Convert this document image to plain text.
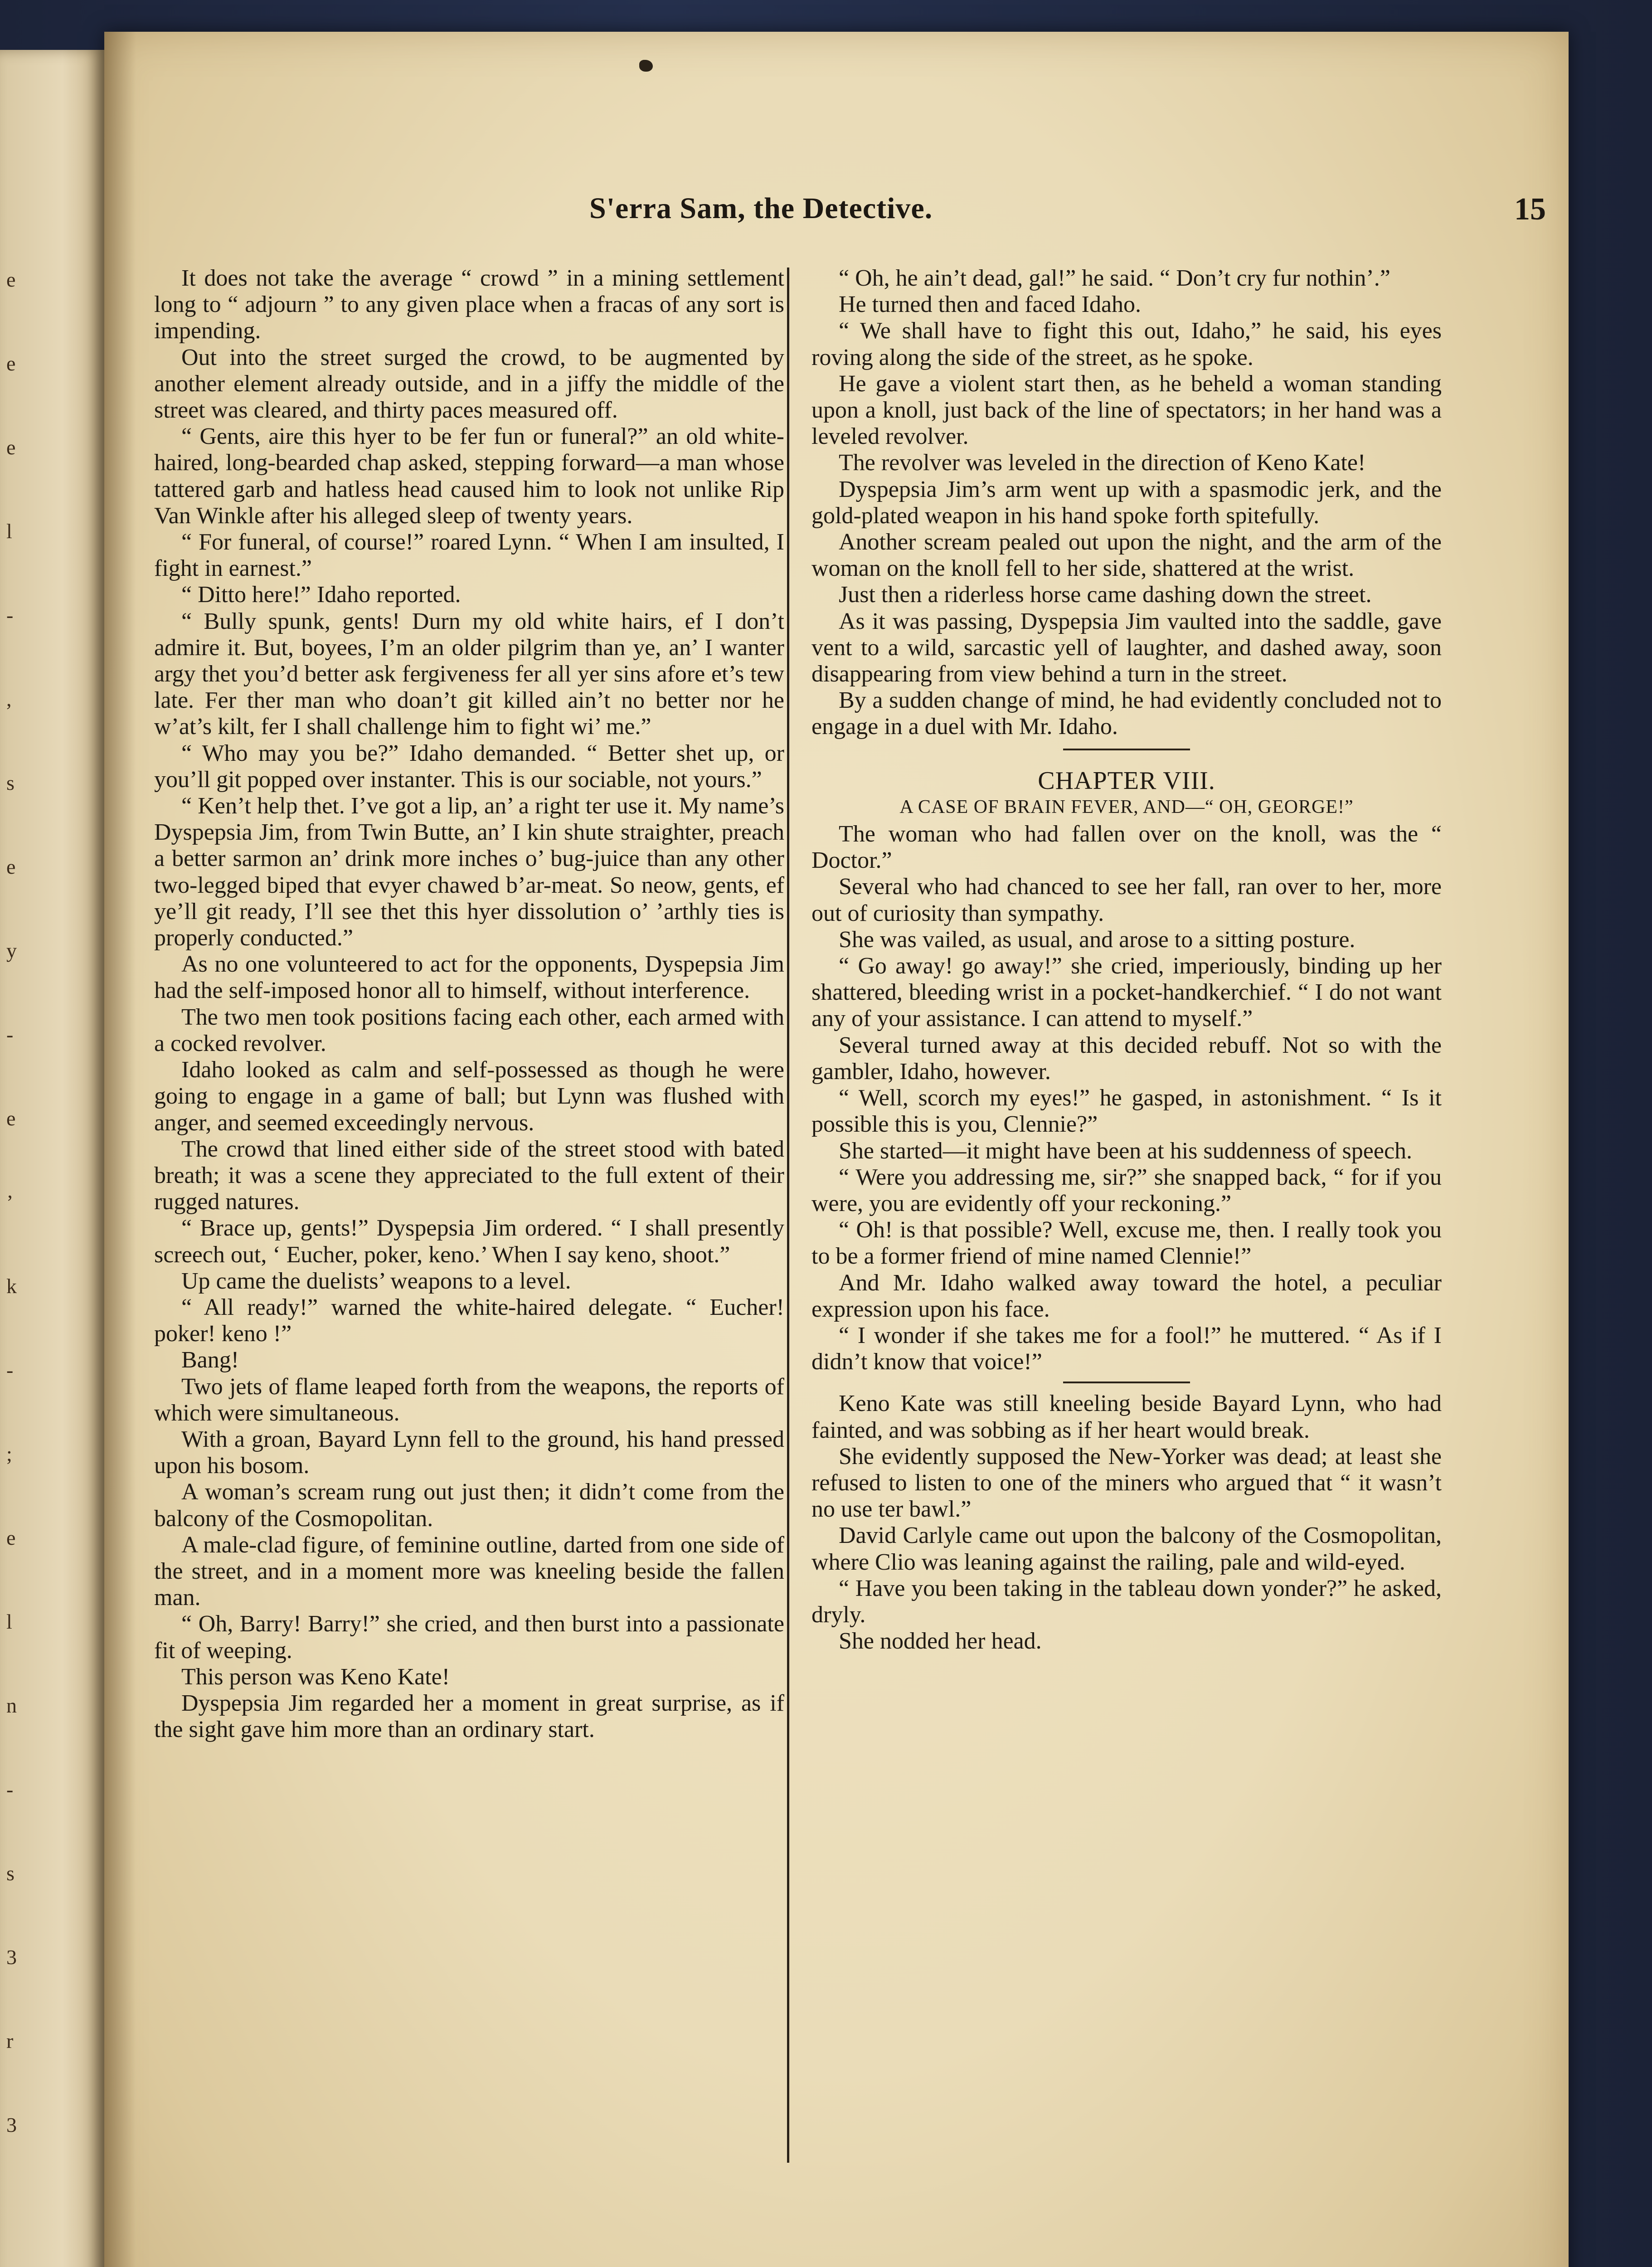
e
e
e
l
-
,
s
e
y
-
e
’
k
-
;
e
l
n
-
s
3
r
3
S'erra Sam, the Detective.	15

It does not take the average “ crowd ” in a mining settlement long to “ adjourn ” to any given place when a fracas of any sort is impending.

Out into the street surged the crowd, to be augmented by another element already outside, and in a jiffy the middle of the street was cleared, and thirty paces measured off.

“ Gents, aire this hyer to be fer fun or funeral?” an old white-haired, long-bearded chap asked, stepping forward—a man whose tattered garb and hatless head caused him to look not unlike Rip Van Winkle after his alleged sleep of twenty years.

“ For funeral, of course!” roared Lynn. “ When I am insulted, I fight in earnest.”

“ Ditto here!” Idaho reported.

“ Bully spunk, gents! Durn my old white hairs, ef I don’t admire it. But, boyees, I’m an older pilgrim than ye, an’ I wanter argy thet you’d better ask fergiveness fer all yer sins afore et’s tew late. Fer ther man who doan’t git killed ain’t no better nor he w’at’s kilt, fer I shall challenge him to fight wi’ me.”

“ Who may you be?” Idaho demanded. “ Better shet up, or you’ll git popped over instanter. This is our sociable, not yours.”

“ Ken’t help thet. I’ve got a lip, an’ a right ter use it. My name’s Dyspepsia Jim, from Twin Butte, an’ I kin shute straighter, preach a better sarmon an’ drink more inches o’ bug-juice than any other two-legged biped that evyer chawed b’ar-meat. So neow, gents, ef ye’ll git ready, I’ll see thet this hyer dissolution o’ ’arthly ties is properly conducted.”

As no one volunteered to act for the opponents, Dyspepsia Jim had the self-imposed honor all to himself, without interference.

The two men took positions facing each other, each armed with a cocked revolver.

Idaho looked as calm and self-possessed as though he were going to engage in a game of ball; but Lynn was flushed with anger, and seemed exceedingly nervous.

The crowd that lined either side of the street stood with bated breath; it was a scene they appreciated to the full extent of their rugged natures.

“ Brace up, gents!” Dyspepsia Jim ordered. “ I shall presently screech out, ‘ Eucher, poker, keno.’ When I say keno, shoot.”

Up came the duelists’ weapons to a level.

“ All ready!” warned the white-haired delegate. “ Eucher! poker! keno !”

Bang!

Two jets of flame leaped forth from the weapons, the reports of which were simultaneous.

With a groan, Bayard Lynn fell to the ground, his hand pressed upon his bosom.

A woman’s scream rung out just then; it didn’t come from the balcony of the Cosmopolitan.

A male-clad figure, of feminine outline, darted from one side of the street, and in a moment more was kneeling beside the fallen man.

“ Oh, Barry! Barry!” she cried, and then burst into a passionate fit of weeping.

This person was Keno Kate!

Dyspepsia Jim regarded her a moment in great surprise, as if the sight gave him more than an ordinary start.

“ Oh, he ain’t dead, gal!” he said. “ Don’t cry fur nothin’.”

He turned then and faced Idaho.

“ We shall have to fight this out, Idaho,” he said, his eyes roving along the side of the street, as he spoke.

He gave a violent start then, as he beheld a woman standing upon a knoll, just back of the line of spectators; in her hand was a leveled revolver.

The revolver was leveled in the direction of Keno Kate!

Dyspepsia Jim’s arm went up with a spasmodic jerk, and the gold-plated weapon in his hand spoke forth spitefully.

Another scream pealed out upon the night, and the arm of the woman on the knoll fell to her side, shattered at the wrist.

Just then a riderless horse came dashing down the street.

As it was passing, Dyspepsia Jim vaulted into the saddle, gave vent to a wild, sarcastic yell of laughter, and dashed away, soon disappearing from view behind a turn in the street.

By a sudden change of mind, he had evidently concluded not to engage in a duel with Mr. Idaho.

CHAPTER VIII.
A CASE OF BRAIN FEVER, AND—“ OH, GEORGE!”

The woman who had fallen over on the knoll, was the “ Doctor.”

Several who had chanced to see her fall, ran over to her, more out of curiosity than sympathy.

She was vailed, as usual, and arose to a sitting posture.

“ Go away! go away!” she cried, imperiously, binding up her shattered, bleeding wrist in a pocket-handkerchief. “ I do not want any of your assistance. I can attend to myself.”

Several turned away at this decided rebuff. Not so with the gambler, Idaho, however.

“ Well, scorch my eyes!” he gasped, in astonishment. “ Is it possible this is you, Clennie?”

She started—it might have been at his suddenness of speech.

“ Were you addressing me, sir?” she snapped back, “ for if you were, you are evidently off your reckoning.”

“ Oh! is that possible? Well, excuse me, then. I really took you to be a former friend of mine named Clennie!”

And Mr. Idaho walked away toward the hotel, a peculiar expression upon his face.

“ I wonder if she takes me for a fool!” he muttered. “ As if I didn’t know that voice!”

Keno Kate was still kneeling beside Bayard Lynn, who had fainted, and was sobbing as if her heart would break.

She evidently supposed the New-Yorker was dead; at least she refused to listen to one of the miners who argued that “ it wasn’t no use ter bawl.”

David Carlyle came out upon the balcony of the Cosmopolitan, where Clio was leaning against the railing, pale and wild-eyed.

“ Have you been taking in the tableau down yonder?” he asked, dryly.

She nodded her head.
